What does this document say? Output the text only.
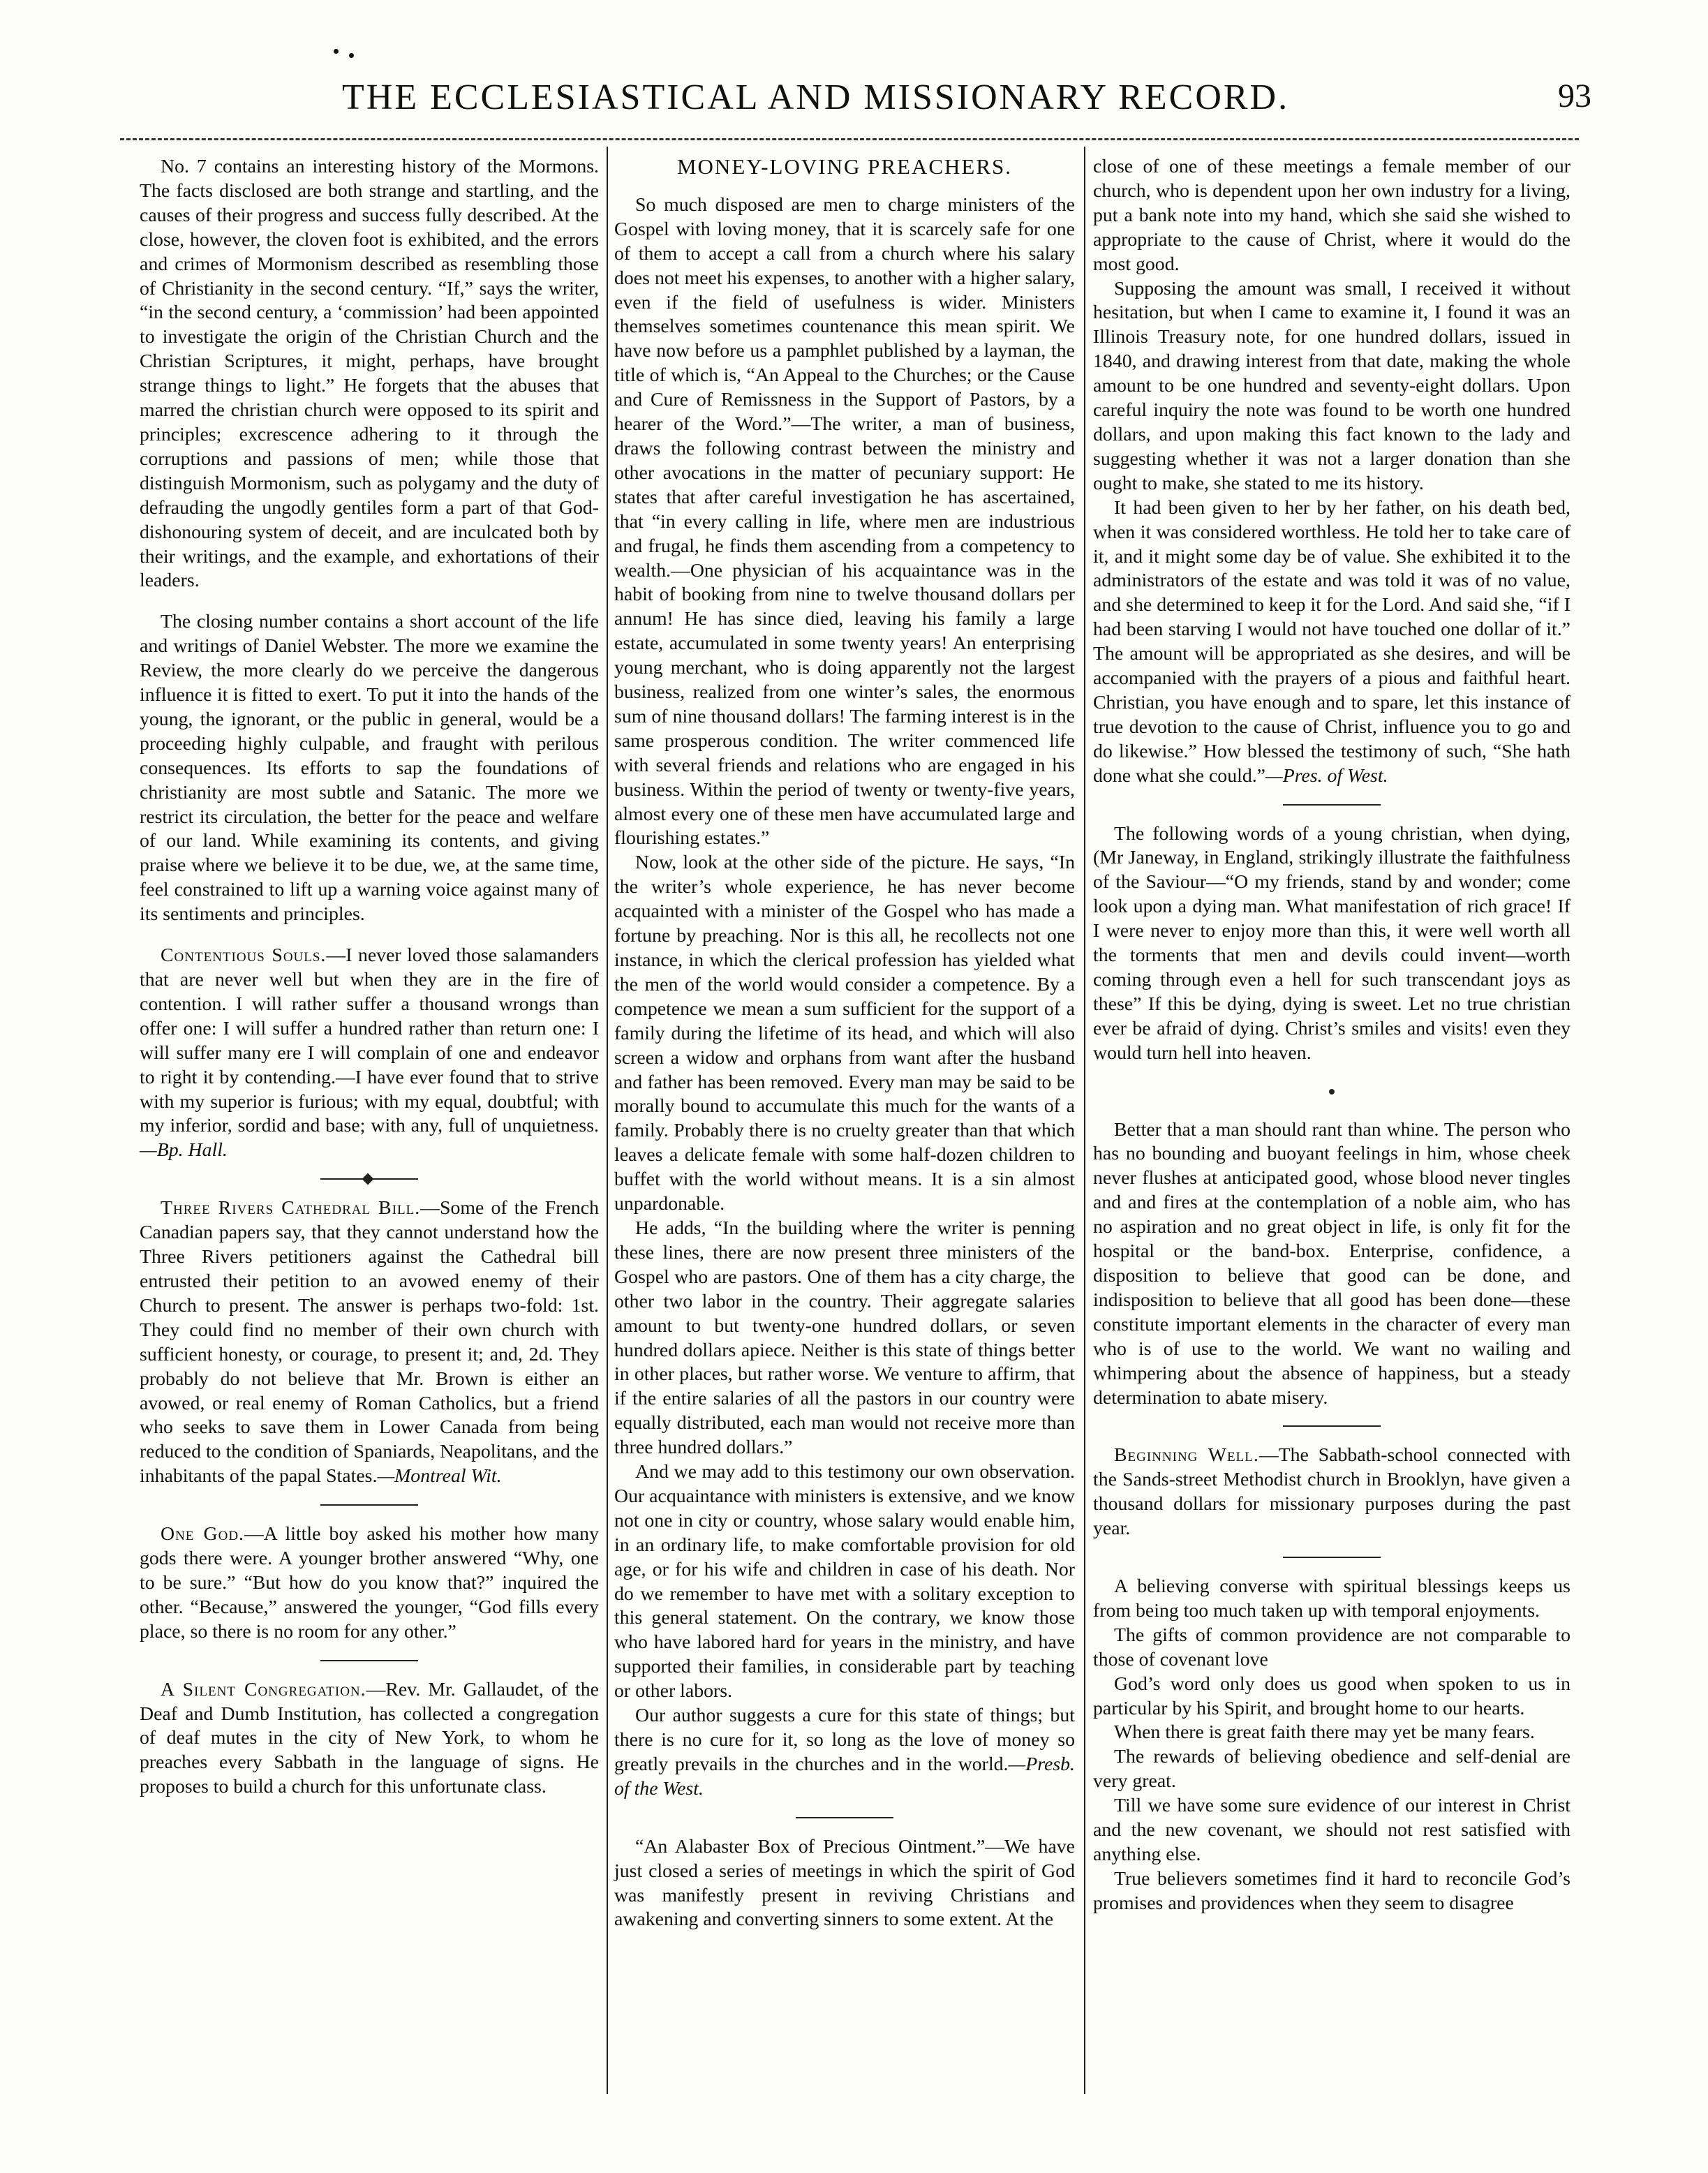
THE ECCLESIASTICAL AND MISSIONARY RECORD.	93

No. 7 contains an interesting history of the Mormons. The facts disclosed are both strange and startling, and the causes of their progress and success fully described. At the close, however, the cloven foot is exhibited, and the errors and crimes of Mormonism described as resembling those of Christianity in the second century. “If,” says the writer, “in the second century, a ‘commission’ had been appointed to investigate the origin of the Christian Church and the Christian Scriptures, it might, perhaps, have brought strange things to light.” He forgets that the abuses that marred the christian church were opposed to its spirit and principles; excrescence adhering to it through the corruptions and passions of men; while those that distinguish Mormonism, such as polygamy and the duty of defrauding the ungodly gentiles form a part of that God-dishonouring system of deceit, and are inculcated both by their writings, and the example, and exhortations of their leaders.

The closing number contains a short account of the life and writings of Daniel Webster. The more we examine the Review, the more clearly do we perceive the dangerous influence it is fitted to exert. To put it into the hands of the young, the ignorant, or the public in general, would be a proceeding highly culpable, and fraught with perilous consequences. Its efforts to sap the foundations of christianity are most subtle and Satanic. The more we restrict its circulation, the better for the peace and welfare of our land. While examining its contents, and giving praise where we believe it to be due, we, at the same time, feel constrained to lift up a warning voice against many of its sentiments and principles.

Contentious Souls.—I never loved those salamanders that are never well but when they are in the fire of contention. I will rather suffer a thousand wrongs than offer one: I will suffer a hundred rather than return one: I will suffer many ere I will complain of one and endeavor to right it by contending.—I have ever found that to strive with my superior is furious; with my equal, doubtful; with my inferior, sordid and base; with any, full of unquietness.—Bp. Hall.

Three Rivers Cathedral Bill.—Some of the French Canadian papers say, that they cannot understand how the Three Rivers petitioners against the Cathedral bill entrusted their petition to an avowed enemy of their Church to present. The answer is perhaps two-fold: 1st. They could find no member of their own church with sufficient honesty, or courage, to present it; and, 2d. They probably do not believe that Mr. Brown is either an avowed, or real enemy of Roman Catholics, but a friend who seeks to save them in Lower Canada from being reduced to the condition of Spaniards, Neapolitans, and the inhabitants of the papal States.—Montreal Wit.

One God.—A little boy asked his mother how many gods there were. A younger brother answered “Why, one to be sure.” “But how do you know that?” inquired the other. “Because,” answered the younger, “God fills every place, so there is no room for any other.”

A Silent Congregation.—Rev. Mr. Gallaudet, of the Deaf and Dumb Institution, has collected a congregation of deaf mutes in the city of New York, to whom he preaches every Sabbath in the language of signs. He proposes to build a church for this unfortunate class.

MONEY-LOVING PREACHERS.

So much disposed are men to charge ministers of the Gospel with loving money, that it is scarcely safe for one of them to accept a call from a church where his salary does not meet his expenses, to another with a higher salary, even if the field of usefulness is wider. Ministers themselves sometimes countenance this mean spirit. We have now before us a pamphlet published by a layman, the title of which is, “An Appeal to the Churches; or the Cause and Cure of Remissness in the Support of Pastors, by a hearer of the Word.”—The writer, a man of business, draws the following contrast between the ministry and other avocations in the matter of pecuniary support: He states that after careful investigation he has ascertained, that “in every calling in life, where men are industrious and frugal, he finds them ascending from a competency to wealth.—One physician of his acquaintance was in the habit of booking from nine to twelve thousand dollars per annum! He has since died, leaving his family a large estate, accumulated in some twenty years! An enterprising young merchant, who is doing apparently not the largest business, realized from one winter’s sales, the enormous sum of nine thousand dollars! The farming interest is in the same prosperous condition. The writer commenced life with several friends and relations who are engaged in his business. Within the period of twenty or twenty-five years, almost every one of these men have accumulated large and flourishing estates.”

Now, look at the other side of the picture. He says, “In the writer’s whole experience, he has never become acquainted with a minister of the Gospel who has made a fortune by preaching. Nor is this all, he recollects not one instance, in which the clerical profession has yielded what the men of the world would consider a competence. By a competence we mean a sum sufficient for the support of a family during the lifetime of its head, and which will also screen a widow and orphans from want after the husband and father has been removed. Every man may be said to be morally bound to accumulate this much for the wants of a family. Probably there is no cruelty greater than that which leaves a delicate female with some half-dozen children to buffet with the world without means. It is a sin almost unpardonable.

He adds, “In the building where the writer is penning these lines, there are now present three ministers of the Gospel who are pastors. One of them has a city charge, the other two labor in the country. Their aggregate salaries amount to but twenty-one hundred dollars, or seven hundred dollars apiece. Neither is this state of things better in other places, but rather worse. We venture to affirm, that if the entire salaries of all the pastors in our country were equally distributed, each man would not receive more than three hundred dollars.”

And we may add to this testimony our own observation. Our acquaintance with ministers is extensive, and we know not one in city or country, whose salary would enable him, in an ordinary life, to make comfortable provision for old age, or for his wife and children in case of his death. Nor do we remember to have met with a solitary exception to this general statement. On the contrary, we know those who have labored hard for years in the ministry, and have supported their families, in considerable part by teaching or other labors.

Our author suggests a cure for this state of things; but there is no cure for it, so long as the love of money so greatly prevails in the churches and in the world.—Presb. of the West.

“An Alabaster Box of Precious Ointment.”—We have just closed a series of meetings in which the spirit of God was manifestly present in reviving Christians and awakening and converting sinners to some extent. At the

close of one of these meetings a female member of our church, who is dependent upon her own industry for a living, put a bank note into my hand, which she said she wished to appropriate to the cause of Christ, where it would do the most good.

Supposing the amount was small, I received it without hesitation, but when I came to examine it, I found it was an Illinois Treasury note, for one hundred dollars, issued in 1840, and drawing interest from that date, making the whole amount to be one hundred and seventy-eight dollars. Upon careful inquiry the note was found to be worth one hundred dollars, and upon making this fact known to the lady and suggesting whether it was not a larger donation than she ought to make, she stated to me its history.

It had been given to her by her father, on his death bed, when it was considered worthless. He told her to take care of it, and it might some day be of value. She exhibited it to the administrators of the estate and was told it was of no value, and she determined to keep it for the Lord. And said she, “if I had been starving I would not have touched one dollar of it.” The amount will be appropriated as she desires, and will be accompanied with the prayers of a pious and faithful heart. Christian, you have enough and to spare, let this instance of true devotion to the cause of Christ, influence you to go and do likewise.” How blessed the testimony of such, “She hath done what she could.”—Pres. of West.

The following words of a young christian, when dying, (Mr Janeway, in England, strikingly illustrate the faithfulness of the Saviour—“O my friends, stand by and wonder; come look upon a dying man. What manifestation of rich grace! If I were never to enjoy more than this, it were well worth all the torments that men and devils could invent—worth coming through even a hell for such transcendant joys as these” If this be dying, dying is sweet. Let no true christian ever be afraid of dying. Christ’s smiles and visits! even they would turn hell into heaven.

Better that a man should rant than whine. The person who has no bounding and buoyant feelings in him, whose cheek never flushes at anticipated good, whose blood never tingles and and fires at the contemplation of a noble aim, who has no aspiration and no great object in life, is only fit for the hospital or the band-box. Enterprise, confidence, a disposition to believe that good can be done, and indisposition to believe that all good has been done—these constitute important elements in the character of every man who is of use to the world. We want no wailing and whimpering about the absence of happiness, but a steady determination to abate misery.

Beginning Well.—The Sabbath-school connected with the Sands-street Methodist church in Brooklyn, have given a thousand dollars for missionary purposes during the past year.

A believing converse with spiritual blessings keeps us from being too much taken up with temporal enjoyments.

The gifts of common providence are not comparable to those of covenant love

God’s word only does us good when spoken to us in particular by his Spirit, and brought home to our hearts.

When there is great faith there may yet be many fears.

The rewards of believing obedience and self-denial are very great.

Till we have some sure evidence of our interest in Christ and the new covenant, we should not rest satisfied with anything else.

True believers sometimes find it hard to reconcile God’s promises and providences when they seem to disagree
